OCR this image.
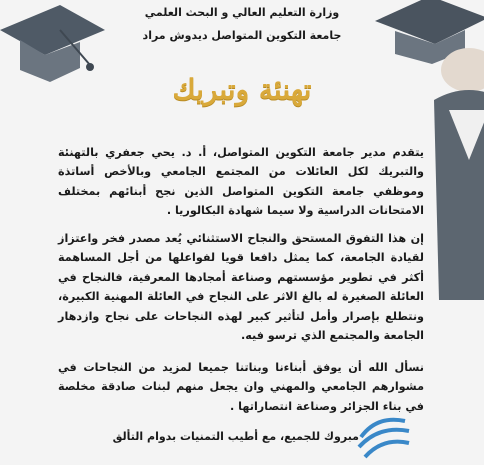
وزارة التعليم العالي و البحث العلمي
جامعة التكوين المتواصل ديدوش مراد
تهنئة وتبريك
يتقدم مدير جامعة التكوين المتواصل، أ. د. يحي جعفري بالتهنئة والتبريك لكل العائلات من المجتمع الجامعي وبالأخص أساتذة وموظفي جامعة التكوين المتواصل الذين نجح أبنائهم بمختلف الامتحانات الدراسية ولا سيما شهادة البكالوريا .
إن هذا التفوق المستحق والنجاح الاستثنائي يُعد مصدر فخر واعتزاز لقيادة الجامعة، كما يمثل دافعا قويا لفواعلها من أجل المساهمة أكثر في تطوير مؤسستهم وصناعة أمجادها المعرفية، فالنجاح في العائلة الصغيرة له بالغ الاثر على النجاح في العائلة المهنية الكبيرة، ونتطلع بإصرار وأمل لتأثير كبير لهذه النجاحات على نجاح وازدهار الجامعة والمجتمع الذي ترسو فيه.
نسأل الله أن يوفق أبناءنا وبناتنا جميعا لمزيد من النجاحات في مشوارهم الجامعي والمهني وان يجعل منهم لبنات صادقة مخلصة في بناء الجزائر وصناعة انتصاراتها .
مبروك للجميع، مع أطيب التمنيات بدوام التألق
